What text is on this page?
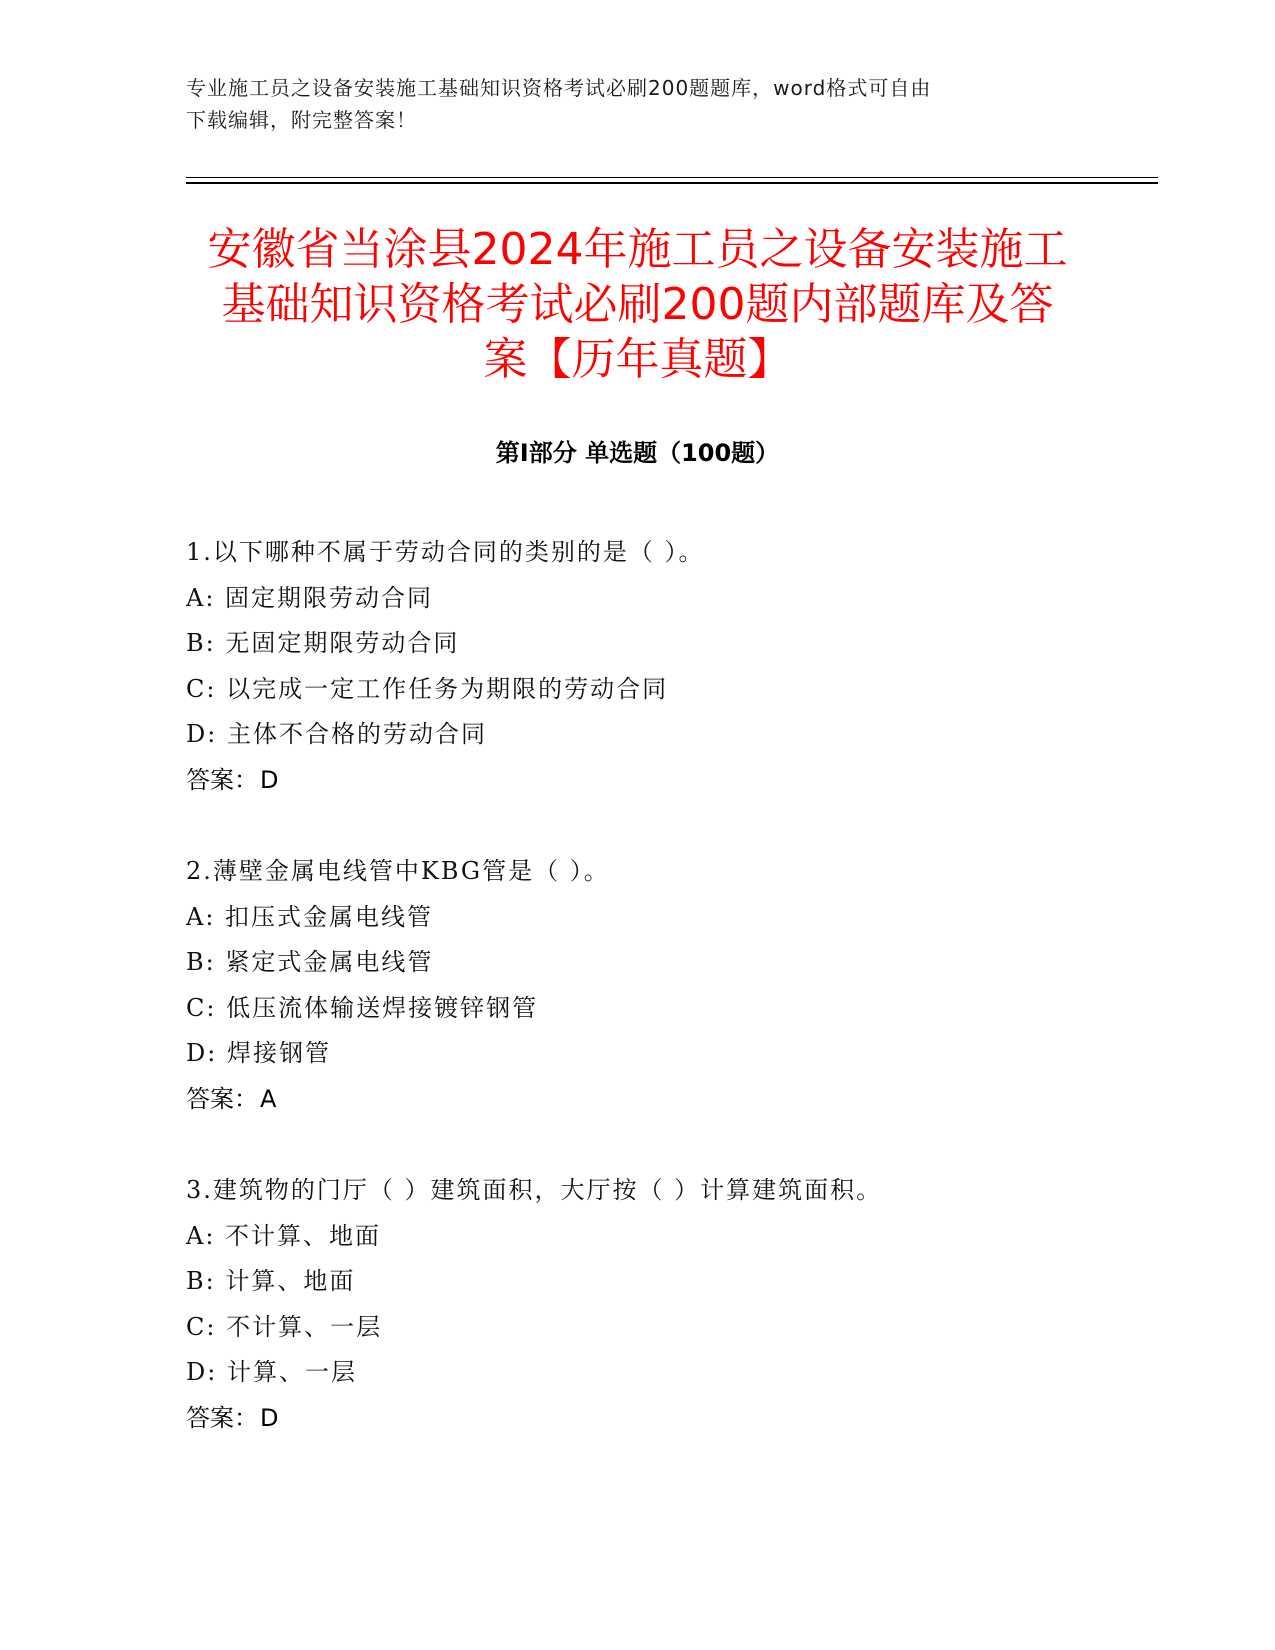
专业施工员之设备安装施工基础知识资格考试必刷200题题库，word格式可自由
下载编辑，附完整答案！
安徽省当涂县2024年施工员之设备安装施工
基础知识资格考试必刷200题内部题库及答
案【历年真题】
第I部分 单选题（100题）
1.以下哪种不属于劳动合同的类别的是（ ）。
A: 固定期限劳动合同
B: 无固定期限劳动合同
C: 以完成一定工作任务为期限的劳动合同
D: 主体不合格的劳动合同
答案：D
2.薄壁金属电线管中KBG管是（ ）。
A: 扣压式金属电线管
B: 紧定式金属电线管
C: 低压流体输送焊接镀锌钢管
D: 焊接钢管
答案：A
3.建筑物的门厅（ ）建筑面积，大厅按（ ）计算建筑面积。
A: 不计算、地面
B: 计算、地面
C: 不计算、一层
D: 计算、一层
答案：D
